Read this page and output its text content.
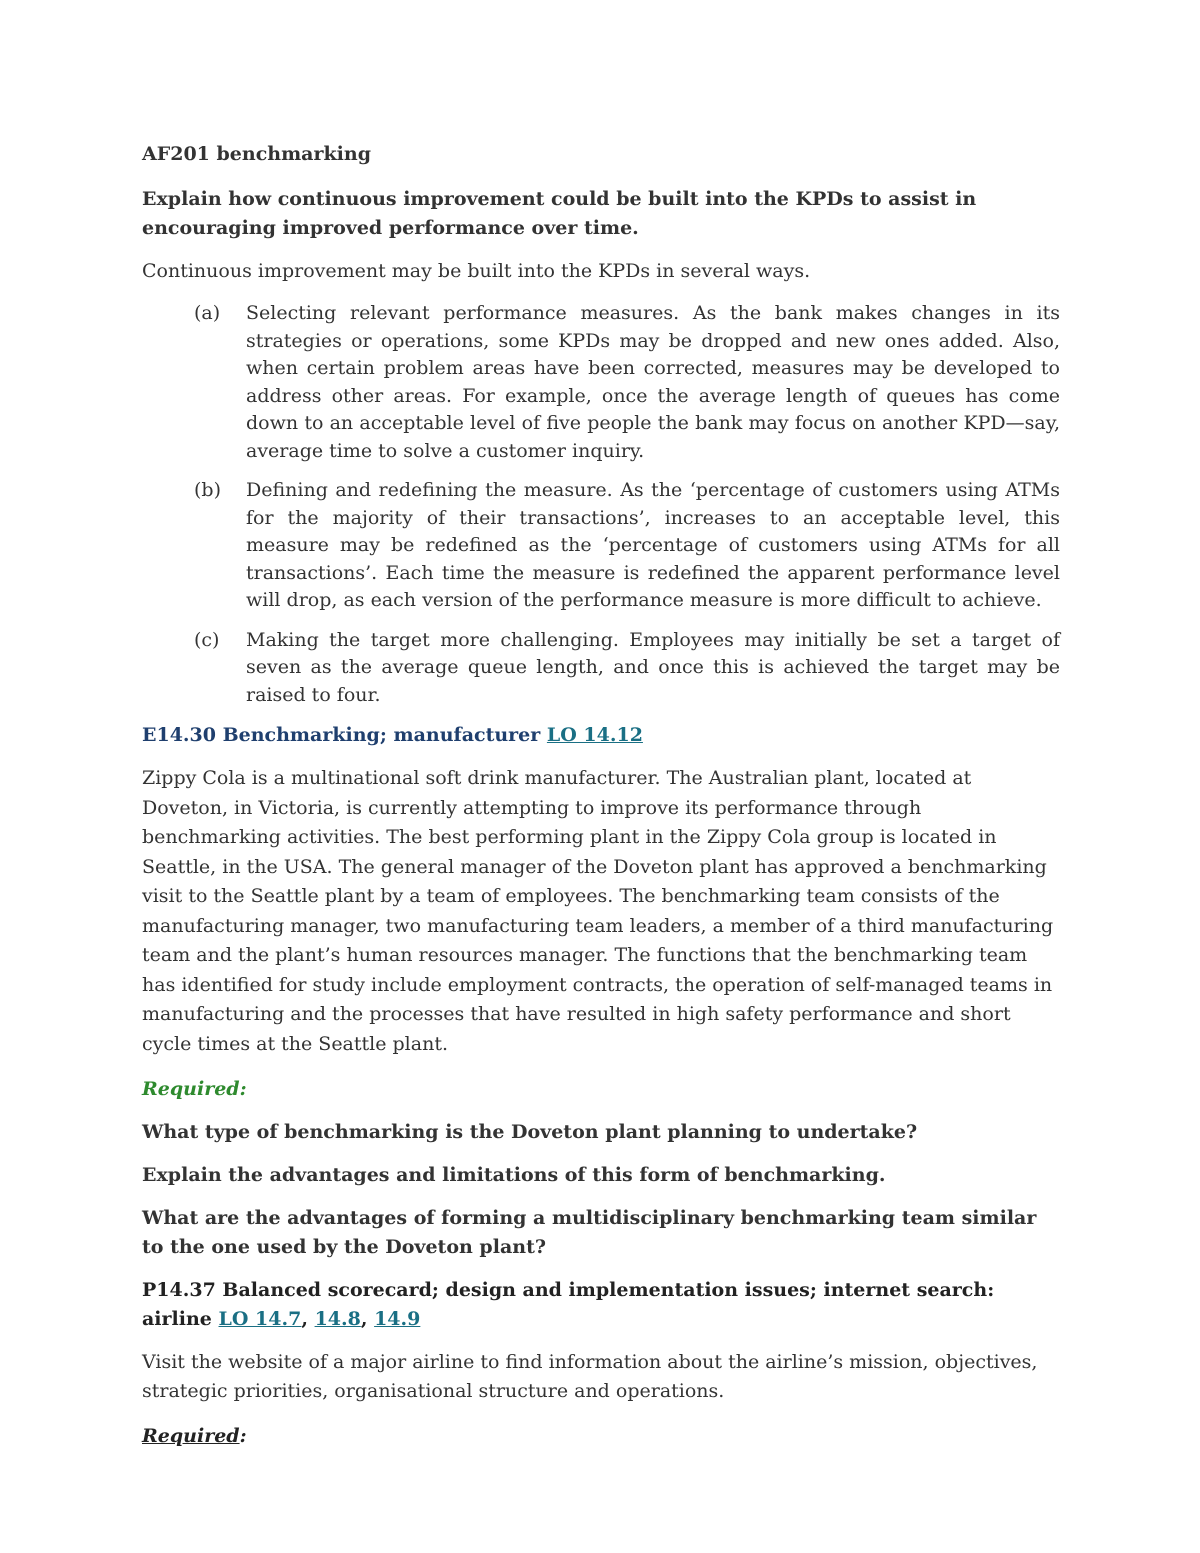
AF201 benchmarking

Explain how continuous improvement could be built into the KPDs to assist in encouraging improved performance over time.

Continuous improvement may be built into the KPDs in several ways.

(a)	Selecting relevant performance measures. As the bank makes changes in its strategies or operations, some KPDs may be dropped and new ones added. Also, when certain problem areas have been corrected, measures may be developed to address other areas. For example, once the average length of queues has come down to an acceptable level of five people the bank may focus on another KPD—say, average time to solve a customer inquiry.
(b)	Defining and redefining the measure. As the ‘percentage of customers using ATMs for the majority of their transactions’, increases to an acceptable level, this measure may be redefined as the ‘percentage of customers using ATMs for all transactions’. Each time the measure is redefined the apparent performance level will drop, as each version of the performance measure is more difficult to achieve.
(c)	Making the target more challenging. Employees may initially be set a target of seven as the average queue length, and once this is achieved the target may be raised to four.

E14.30 Benchmarking; manufacturer LO 14.12

Zippy Cola is a multinational soft drink manufacturer. The Australian plant, located at Doveton, in Victoria, is currently attempting to improve its performance through benchmarking activities. The best performing plant in the Zippy Cola group is located in Seattle, in the USA. The general manager of the Doveton plant has approved a benchmarking visit to the Seattle plant by a team of employees. The benchmarking team consists of the manufacturing manager, two manufacturing team leaders, a member of a third manufacturing team and the plant’s human resources manager. The functions that the benchmarking team has identified for study include employment contracts, the operation of self-managed teams in manufacturing and the processes that have resulted in high safety performance and short cycle times at the Seattle plant.

Required:

What type of benchmarking is the Doveton plant planning to undertake?

Explain the advantages and limitations of this form of benchmarking.

What are the advantages of forming a multidisciplinary benchmarking team similar to the one used by the Doveton plant?

P14.37 Balanced scorecard; design and implementation issues; internet search: airline LO 14.7, 14.8, 14.9

Visit the website of a major airline to find information about the airline’s mission, objectives, strategic priorities, organisational structure and operations.

Required:
